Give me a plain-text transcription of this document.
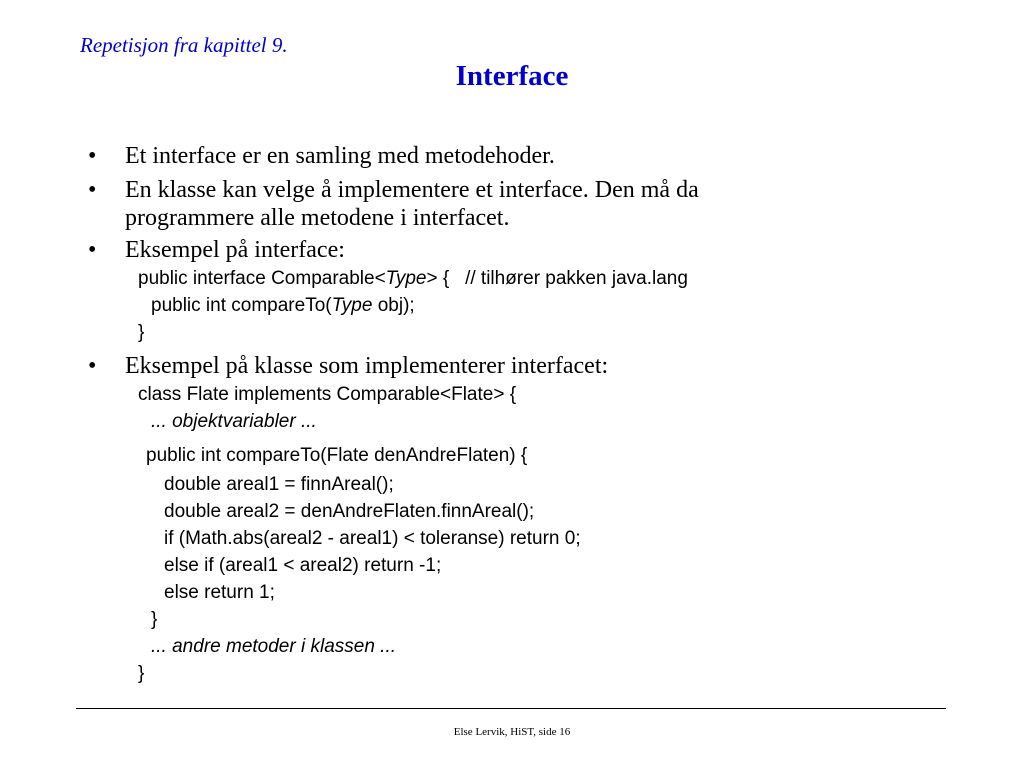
Repetisjon fra kapittel 9.
Interface
• Et interface er en samling med metodehoder.
• En klasse kan velge å implementere et interface. Den må da
programmere alle metodene i interfacet.
• Eksempel på interface:
public interface Comparable<Type> {   // tilhører pakken java.lang
public int compareTo(Type obj);
}
• Eksempel på klasse som implementerer interfacet:
class Flate implements Comparable<Flate> {
... objektvariabler ...
public int compareTo(Flate denAndreFlaten) {
double areal1 = finnAreal();
double areal2 = denAndreFlaten.finnAreal();
if (Math.abs(areal2 - areal1) < toleranse) return 0;
else if (areal1 < areal2) return -1;
else return 1;
}
... andre metoder i klassen ...
}
Else Lervik, HiST, side 16
